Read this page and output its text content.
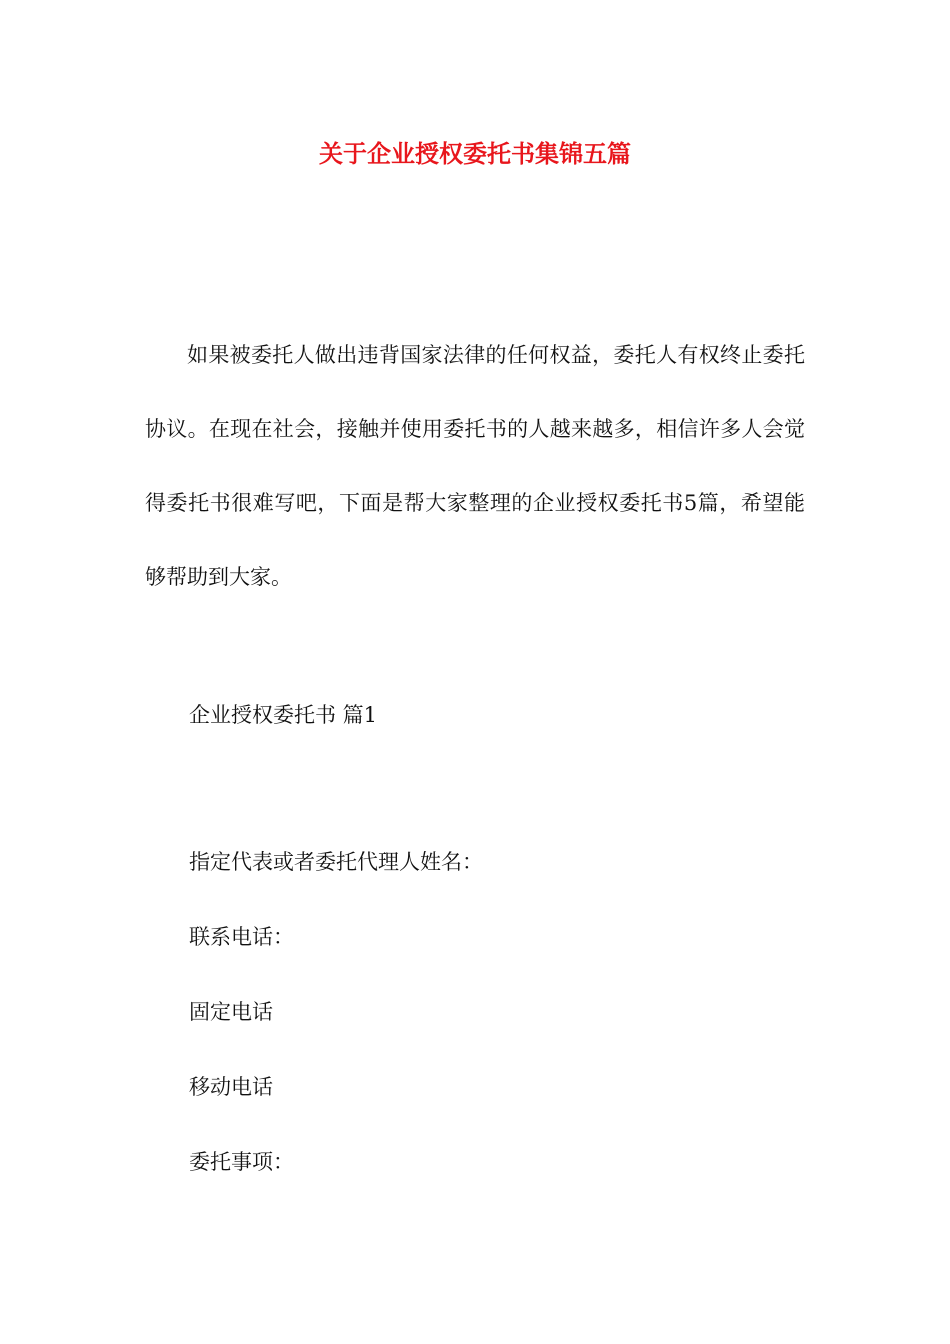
关于企业授权委托书集锦五篇

如果被委托人做出违背国家法律的任何权益，委托人有权终止委托协议。在现在社会，接触并使用委托书的人越来越多，相信许多人会觉得委托书很难写吧，下面是帮大家整理的企业授权委托书5篇，希望能够帮助到大家。

企业授权委托书 篇1
指定代表或者委托代理人姓名：
联系电话：
固定电话
移动电话
委托事项：
